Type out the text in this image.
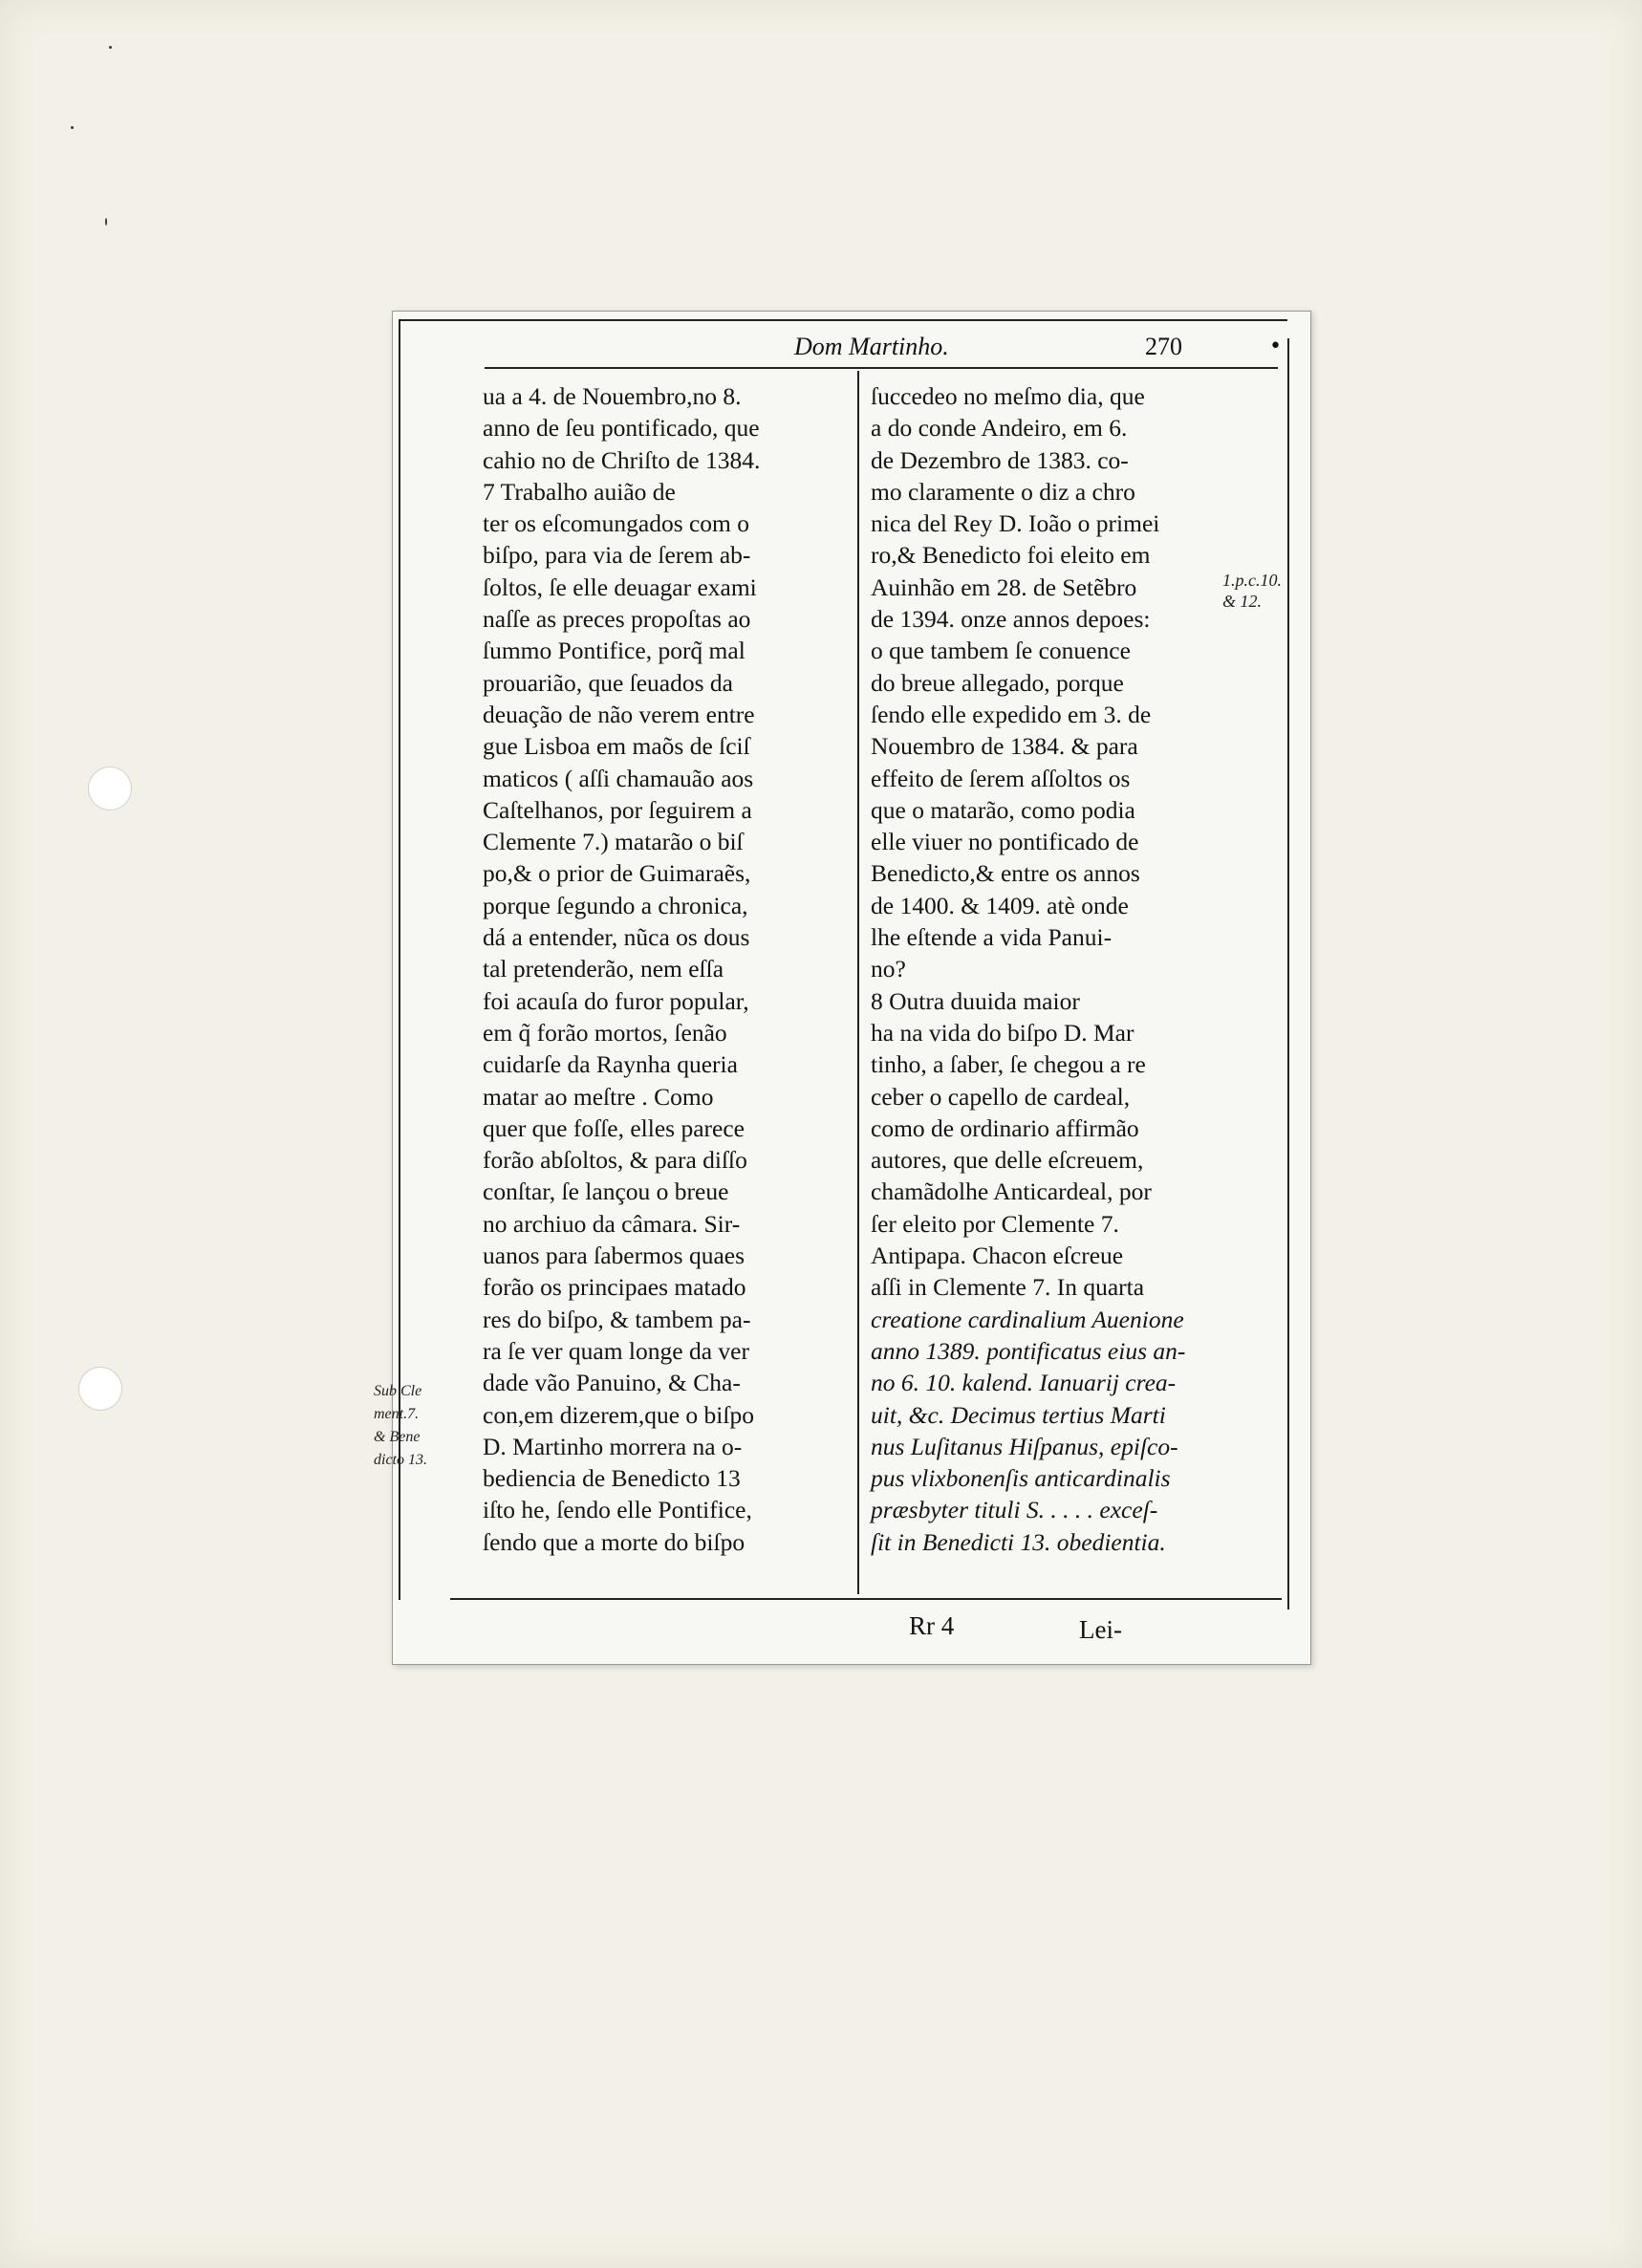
Dom Martinho.	270	•
ua a 4. de Nouembro,no 8.
anno de ſeu pontificado, que
cahio no de Chriſto de 1384.
7 Trabalho auião de
ter os eſcomungados com o
biſpo, para via de ſerem ab-
ſoltos, ſe elle deuagar exami
naſſe as preces propoſtas ao
ſummo Pontifice, porq̃ mal
prouarião, que ſeuados da
deuação de não verem entre
gue Lisboa em maõs de ſciſ
maticos ( aſſi chamauão aos
Caſtelhanos, por ſeguirem a
Clemente 7.) matarão o biſ
po,& o prior de Guimaraẽs,
porque ſegundo a chronica,
dá a entender, nũca os dous
tal pretenderão, nem eſſa
foi acauſa do furor popular,
em q̃ forão mortos, ſenão
cuidarſe da Raynha queria
matar ao meſtre . Como
quer que foſſe, elles parece
forão abſoltos, & para diſſo
conſtar, ſe lançou o breue
no archiuo da câmara. Sir-
uanos para ſabermos quaes
forão os principaes matado
res do biſpo, & tambem pa-
ra ſe ver quam longe da ver
dade vão Panuino, & Cha-
con,em dizerem,que o biſpo
D. Martinho morrera na o-
bediencia de Benedicto 13
iſto he, ſendo elle Pontifice,
ſendo que a morte do biſpo
ſuccedeo no meſmo dia, que
a do conde Andeiro, em 6.
de Dezembro de 1383. co-
mo claramente o diz a chro
nica del Rey D. Ioão o primei
ro,& Benedicto foi eleito em
Auinhão em 28. de Setẽbro
de 1394. onze annos depoes:
o que tambem ſe conuence
do breue allegado, porque
ſendo elle expedido em 3. de
Nouembro de 1384. & para
effeito de ſerem aſſoltos os
que o matarão, como podia
elle viuer no pontificado de
Benedicto,& entre os annos
de 1400. & 1409. atè onde
lhe eſtende a vida Panui-
no?
8 Outra duuida maior
ha na vida do biſpo D. Mar
tinho, a ſaber, ſe chegou a re
ceber o capello de cardeal,
como de ordinario affirmão
autores, que delle eſcreuem,
chamãdolhe Anticardeal, por
ſer eleito por Clemente 7.
Antipapa. Chacon eſcreue
aſſi in Clemente 7. In quarta
creatione cardinalium Auenione
anno 1389. pontificatus eius an-
no 6. 10. kalend. Ianuarij crea-
uit, &c. Decimus tertius Marti
nus Luſitanus Hiſpanus, epiſco-
pus vlixbonenſis anticardinalis
præsbyter tituli S. . . . . exceſ-
ſit in Benedicti 13. obedientia.
1.p.c.10.
& 12.
Sub Cle
ment.7.
& Bene
dicto 13.
Rr 4	Lei-
